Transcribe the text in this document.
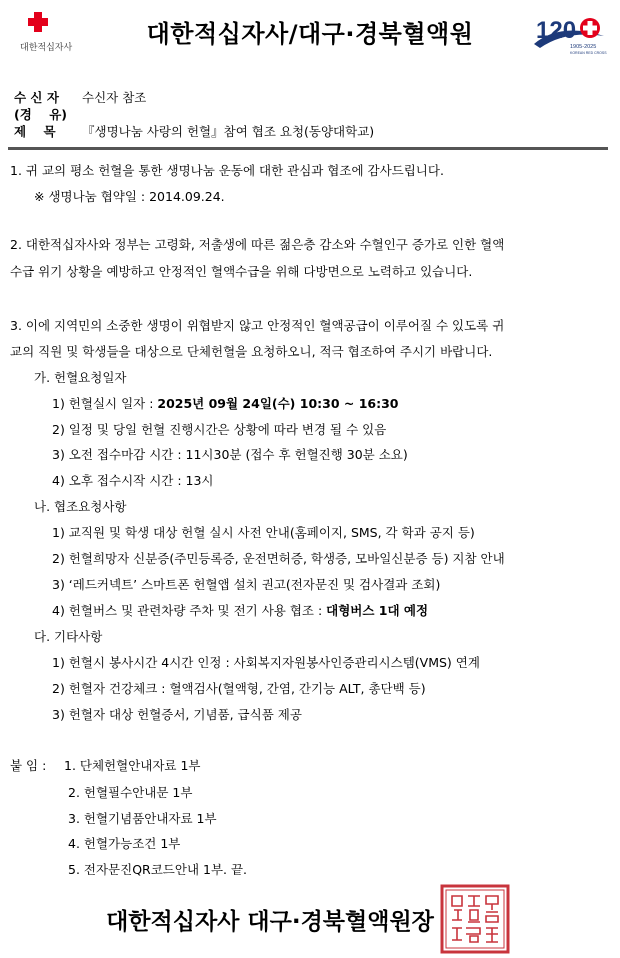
대한적십자사	대한적십자사/대구·경북혈액원	120
1905-2025
KOREAN RED CROSS
수 신 자 수신자 참조
(경    유)
제    목 『생명나눔 사랑의 헌혈』참여 협조 요청(동양대학교)
1. 귀 교의 평소 헌혈을 통한 생명나눔 운동에 대한 관심과 협조에 감사드립니다.
※ 생명나눔 협약일 : 2014.09.24.
2. 대한적십자사와 정부는 고령화, 저출생에 따른 젊은층 감소와 수혈인구 증가로 인한 혈액
수급 위기 상황을 예방하고 안정적인 혈액수급을 위해 다방면으로 노력하고 있습니다.
3. 이에 지역민의 소중한 생명이 위협받지 않고 안정적인 혈액공급이 이루어질 수 있도록 귀
교의 직원 및 학생들을 대상으로 단체헌혈을 요청하오니, 적극 협조하여 주시기 바랍니다.
가. 헌혈요청일자
1) 헌혈실시 일자 : 2025년 09월 24일(수) 10:30 ~ 16:30
2) 일정 및 당일 헌혈 진행시간은 상황에 따라 변경 될 수 있음
3) 오전 접수마감 시간 : 11시30분 (접수 후 헌혈진행 30분 소요)
4) 오후 접수시작 시간 : 13시
나. 협조요청사항
1) 교직원 및 학생 대상 헌혈 실시 사전 안내(홈페이지, SMS, 각 학과 공지 등)
2) 헌혈희망자 신분증(주민등록증, 운전면허증, 학생증, 모바일신분증 등) 지참 안내
3) ‘레드커넥트’ 스마트폰 헌혈앱 설치 권고(전자문진 및 검사결과 조회)
4) 헌혈버스 및 관련차량 주차 및 전기 사용 협조 : 대형버스 1대 예정
다. 기타사항
1) 헌혈시 봉사시간 4시간 인정 : 사회복지자원봉사인증관리시스템(VMS) 연계
2) 헌혈자 건강체크 : 혈액검사(혈액형, 간염, 간기능 ALT, 총단백 등)
3) 헌혈자 대상 헌혈증서, 기념품, 급식품 제공
붙 임 : 1. 단체헌혈안내자료 1부
2. 헌혈필수안내문 1부
3. 헌혈기념품안내자료 1부
4. 헌혈가능조건 1부
5. 전자문진QR코드안내 1부. 끝.
대한적십자사 대구·경북혈액원장
